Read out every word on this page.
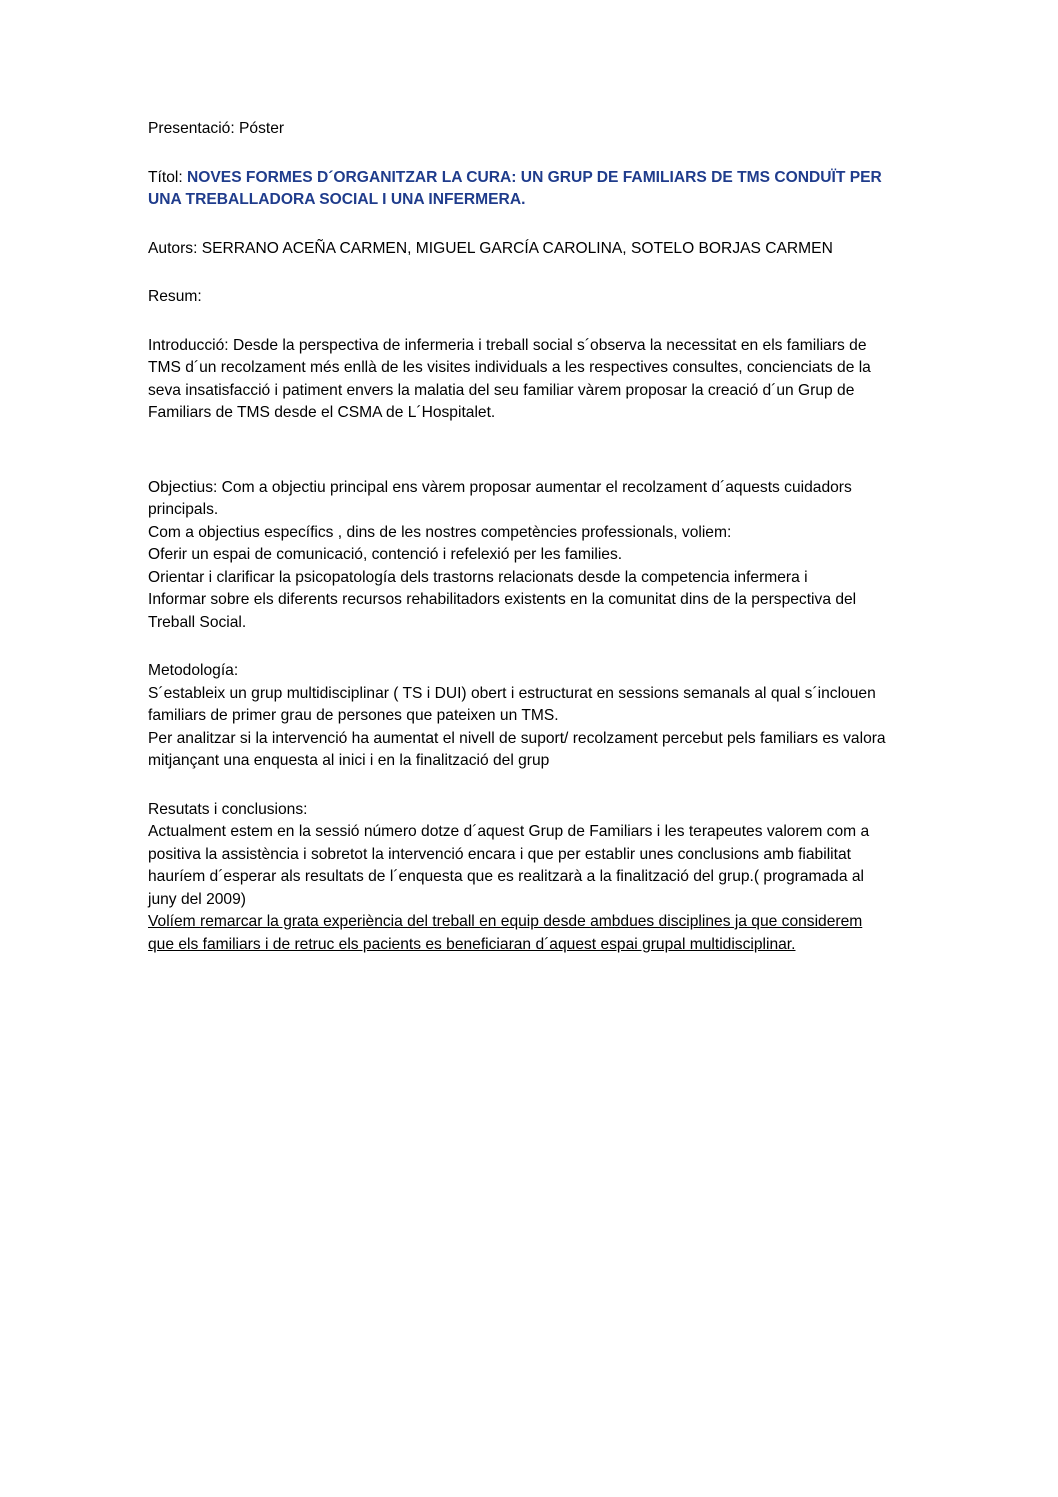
Presentació: Póster
Títol: NOVES FORMES D´ORGANITZAR LA CURA: UN GRUP DE FAMILIARS DE TMS CONDUÏT PER UNA TREBALLADORA SOCIAL I UNA INFERMERA.
Autors: SERRANO ACEÑA CARMEN, MIGUEL GARCÍA CAROLINA, SOTELO BORJAS CARMEN
Resum:
Introducció: Desde la perspectiva de infermeria i treball social s´observa la necessitat en els familiars de TMS d´un recolzament més enllà de les visites individuals a les respectives consultes, concienciats de la seva insatisfacció i patiment envers la malatia del seu familiar vàrem proposar la creació d´un Grup de Familiars de TMS desde el CSMA de L´Hospitalet.
Objectius: Com a objectiu principal ens vàrem proposar aumentar el recolzament d´aquests cuidadors principals.
Com a objectius específics , dins de les nostres competències professionals, voliem:
Oferir un espai de comunicació, contenció i refelexió per les families.
Orientar i clarificar la psicopatología dels trastorns relacionats desde la competencia infermera i
Informar sobre els diferents recursos rehabilitadors existents en la comunitat dins de la perspectiva del Treball Social.
Metodología:
S´estableix un grup multidisciplinar ( TS i DUI) obert i estructurat en sessions semanals al qual s´inclouen familiars de primer grau de persones que pateixen un TMS.
Per analitzar si la intervenció ha aumentat el nivell de suport/ recolzament percebut pels familiars es valora mitjançant una enquesta al inici i en la finalització del grup
Resutats i conclusions:
Actualment estem en la sessió número dotze d´aquest Grup de Familiars i les terapeutes valorem com a positiva la assistència i sobretot la intervenció encara i que per establir unes conclusions amb fiabilitat hauríem d´esperar als resultats de l´enquesta que es realitzarà a la finalització del grup.( programada al juny del 2009)
Volíem remarcar la grata experiència del treball en equip desde ambdues disciplines ja que considerem que els familiars i de retruc els pacients es beneficiaran d´aquest espai grupal multidisciplinar.
